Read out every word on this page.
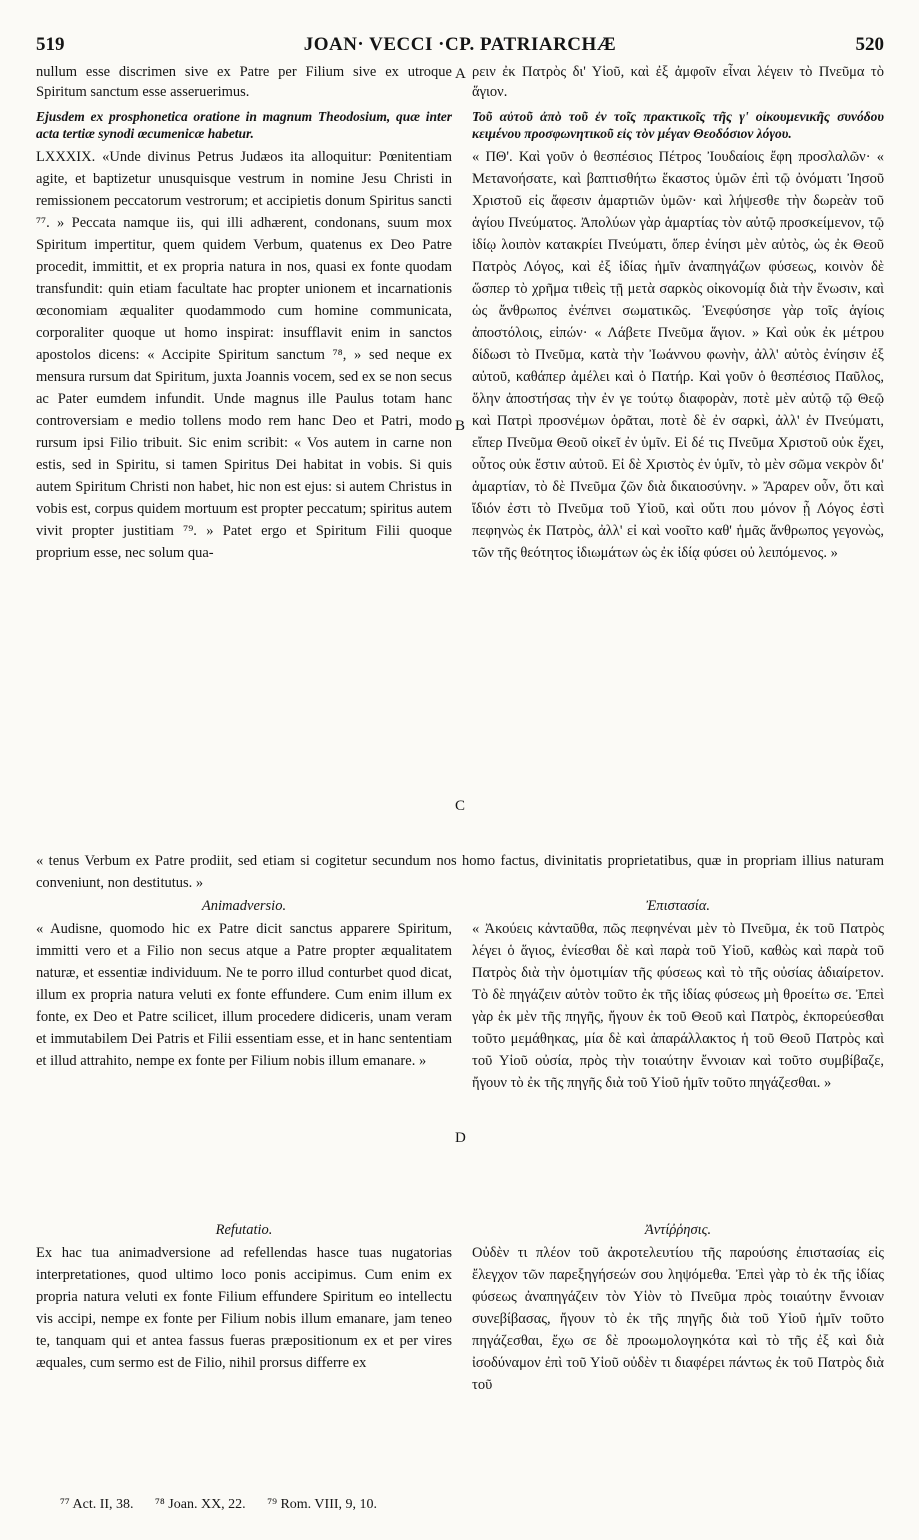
519	JOAN· VECCI ·CP. PATRIARCHÆ	520

nullum esse discrimen sive ex Patre per Filium sive ex utroque Spiritum sanctum esse asseruerimus.

Ejusdem ex prosphonetica oratione in magnum Theodosium, quæ inter acta tertiæ synodi œcumenicæ habetur.

LXXXIX. «Unde divinus Petrus Judæos ita alloquitur: Pœnitentiam agite, et baptizetur unusquisque vestrum in nomine Jesu Christi in remissionem peccatorum vestrorum; et accipietis donum Spiritus sancti ⁷⁷. » Peccata namque iis, qui illi adhærent, condonans, suum mox Spiritum impertitur, quem quidem Verbum, quatenus ex Deo Patre procedit, immittit, et ex propria natura in nos, quasi ex fonte quodam transfundit: quin etiam facultate hac propter unionem et incarnationis œconomiam æqualiter quodammodo cum homine communicata, corporaliter quoque ut homo inspirat: insufflavit enim in sanctos apostolos dicens: « Accipite Spiritum sanctum ⁷⁸, » sed neque ex mensura rursum dat Spiritum, juxta Joannis vocem, sed ex se non secus ac Pater eumdem infundit. Unde magnus ille Paulus totam hanc controversiam e medio tollens modo rem hanc Deo et Patri, modo rursum ipsi Filio tribuit. Sic enim scribit: « Vos autem in carne non estis, sed in Spiritu, si tamen Spiritus Dei habitat in vobis. Si quis autem Spiritum Christi non habet, hic non est ejus: si autem Christus in vobis est, corpus quidem mortuum est propter peccatum; spiritus autem vivit propter justitiam ⁷⁹. » Patet ergo et Spiritum Filii quoque proprium esse, nec solum qua-

ρειν ἐκ Πατρὸς δι' Υἱοῦ, καὶ ἐξ ἀμφοῖν εἶναι λέγειν τὸ Πνεῦμα τὸ ἅγιον.

Τοῦ αὐτοῦ ἀπὸ τοῦ ἐν τοῖς πρακτικοῖς τῆς γ' οἰκουμενικῆς συνόδου κειμένου προσφωνητικοῦ εἰς τὸν μέγαν Θεοδόσιον λόγου.

« ΠΘ'. Καὶ γοῦν ὁ θεσπέσιος Πέτρος Ἰουδαίοις ἔφη προσλαλῶν· « Μετανοήσατε, καὶ βαπτισθήτω ἕκαστος ὑμῶν ἐπὶ τῷ ὀνόματι Ἰησοῦ Χριστοῦ εἰς ἄφεσιν ἁμαρτιῶν ὑμῶν· καὶ λήψεσθε τὴν δωρεὰν τοῦ ἁγίου Πνεύματος. Ἀπολύων γὰρ ἁμαρτίας τὸν αὐτῷ προσκείμενον, τῷ ἰδίῳ λοιπὸν κατακρίει Πνεύματι, ὅπερ ἐνίησι μὲν αὐτὸς, ὡς ἐκ Θεοῦ Πατρὸς Λόγος, καὶ ἐξ ἰδίας ἡμῖν ἀναπηγάζων φύσεως, κοινὸν δὲ ὥσπερ τὸ χρῆμα τιθεὶς τῇ μετὰ σαρκὸς οἰκονομίᾳ διὰ τὴν ἕνωσιν, καὶ ὡς ἄνθρωπος ἐνέπνει σωματικῶς. Ἐνεφύσησε γὰρ τοῖς ἁγίοις ἀποστόλοις, εἰπών· « Λάβετε Πνεῦμα ἅγιον. » Καὶ οὐκ ἐκ μέτρου δίδωσι τὸ Πνεῦμα, κατὰ τὴν Ἰωάννου φωνὴν, ἀλλ' αὐτὸς ἐνίησιν ἐξ αὐτοῦ, καθάπερ ἀμέλει καὶ ὁ Πατήρ. Καὶ γοῦν ὁ θεσπέσιος Παῦλος, ὅλην ἀποστήσας τὴν ἐν γε τούτῳ διαφορὰν, ποτὲ μὲν αὐτῷ τῷ Θεῷ καὶ Πατρὶ προσνέμων ὁρᾶται, ποτὲ δὲ ἐν σαρκὶ, ἀλλ' ἐν Πνεύματι, εἴπερ Πνεῦμα Θεοῦ οἰκεῖ ἐν ὑμῖν. Εἰ δέ τις Πνεῦμα Χριστοῦ οὐκ ἔχει, οὗτος οὐκ ἔστιν αὐτοῦ. Εἰ δὲ Χριστὸς ἐν ὑμῖν, τὸ μὲν σῶμα νεκρὸν δι' ἁμαρτίαν, τὸ δὲ Πνεῦμα ζῶν διὰ δικαιοσύνην. » Ἄραρεν οὖν, ὅτι καὶ ἴδιόν ἐστι τὸ Πνεῦμα τοῦ Υἱοῦ, καὶ οὔτι που μόνον ᾗ Λόγος ἐστὶ πεφηνὼς ἐκ Πατρὸς, ἀλλ' εἰ καὶ νοοῖτο καθ' ἡμᾶς ἄνθρωπος γεγονὼς, τῶν τῆς θεότητος ἰδιωμάτων ὡς ἐκ ἰδίᾳ φύσει οὐ λειπόμενος. »

A
B
C
D

« tenus Verbum ex Patre prodiit, sed etiam si cogitetur secundum nos homo factus, divinitatis proprietatibus, quæ in propriam illius naturam conveniunt, non destitutus. »

Animadversio.

« Audisne, quomodo hic ex Patre dicit sanctus apparere Spiritum, immitti vero et a Filio non secus atque a Patre propter æqualitatem naturæ, et essentiæ individuum. Ne te porro illud conturbet quod dicat, illum ex propria natura veluti ex fonte effundere. Cum enim illum ex fonte, ex Deo et Patre scilicet, illum procedere didiceris, unam veram et immutabilem Dei Patris et Filii essentiam esse, et in hanc sententiam et illud attrahito, nempe ex fonte per Filium nobis illum emanare. »

Ἐπιστασία.

« Ἀκούεις κἀνταῦθα, πῶς πεφηνέναι μὲν τὸ Πνεῦμα, ἐκ τοῦ Πατρὸς λέγει ὁ ἅγιος, ἐνίεσθαι δὲ καὶ παρὰ τοῦ Υἱοῦ, καθὼς καὶ παρὰ τοῦ Πατρὸς διὰ τὴν ὁμοτιμίαν τῆς φύσεως καὶ τὸ τῆς οὐσίας ἀδιαίρετον. Τὸ δὲ πηγάζειν αὐτὸν τοῦτο ἐκ τῆς ἰδίας φύσεως μὴ θροείτω σε. Ἐπεὶ γὰρ ἐκ μὲν τῆς πηγῆς, ἤγουν ἐκ τοῦ Θεοῦ καὶ Πατρὸς, ἐκπορεύεσθαι τοῦτο μεμάθηκας, μία δὲ καὶ ἀπαράλλακτος ἡ τοῦ Θεοῦ Πατρὸς καὶ τοῦ Υἱοῦ οὐσία, πρὸς τὴν τοιαύτην ἔννοιαν καὶ τοῦτο συμβίβαζε, ἤγουν τὸ ἐκ τῆς πηγῆς διὰ τοῦ Υἱοῦ ἡμῖν τοῦτο πηγάζεσθαι. »

Refutatio.

Ex hac tua animadversione ad refellendas hasce tuas nugatorias interpretationes, quod ultimo loco ponis accipimus. Cum enim ex propria natura veluti ex fonte Filium effundere Spiritum eo intellectu vis accipi, nempe ex fonte per Filium nobis illum emanare, jam teneo te, tanquam qui et antea fassus fueras præpositionum ex et per vires æquales, cum sermo est de Filio, nihil prorsus differre ex

Ἀντίῤῥησις.

Οὐδὲν τι πλέον τοῦ ἀκροτελευτίου τῆς παρούσης ἐπιστασίας εἰς ἔλεγχον τῶν παρεξηγήσεών σου ληψόμεθα. Ἐπεὶ γὰρ τὸ ἐκ τῆς ἰδίας φύσεως ἀναπηγάζειν τὸν Υἱὸν τὸ Πνεῦμα πρὸς τοιαύτην ἔννοιαν συνεβίβασας, ἤγουν τὸ ἐκ τῆς πηγῆς διὰ τοῦ Υἱοῦ ἡμῖν τοῦτο πηγάζεσθαι, ἔχω σε δὲ προωμολογηκότα καὶ τὸ τῆς ἐξ καὶ διὰ ἰσοδύναμον ἐπὶ τοῦ Υἱοῦ οὐδὲν τι διαφέρει πάντως ἐκ τοῦ Πατρὸς διὰ τοῦ

⁷⁷ Act. II, 38. ⁷⁸ Joan. XX, 22. ⁷⁹ Rom. VIII, 9, 10.
